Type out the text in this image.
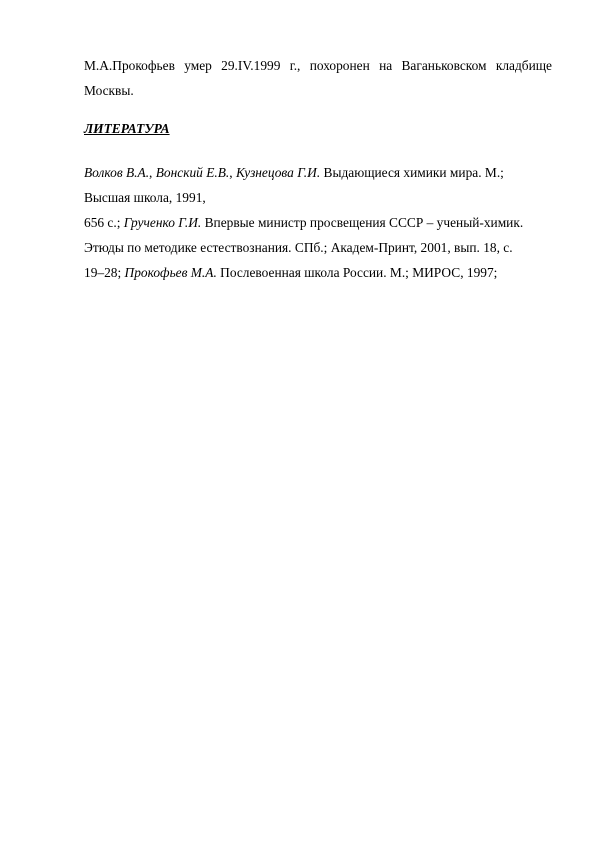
М.А.Прокофьев умер 29.IV.1999 г., похоронен на Ваганьковском кладбище
Москвы.

ЛИТЕРАТУРА

Волков В.А., Вонский Е.В., Кузнецова Г.И. Выдающиеся химики мира. М.;
Высшая школа, 1991,
656 с.; Грученко Г.И. Впервые министр просвещения СССР – ученый-химик.
Этюды по методике естествознания. СПб.; Академ-Принт, 2001, вып. 18, с.
19–28; Прокофьев М.А. Послевоенная школа России. М.; МИРОС, 1997;
